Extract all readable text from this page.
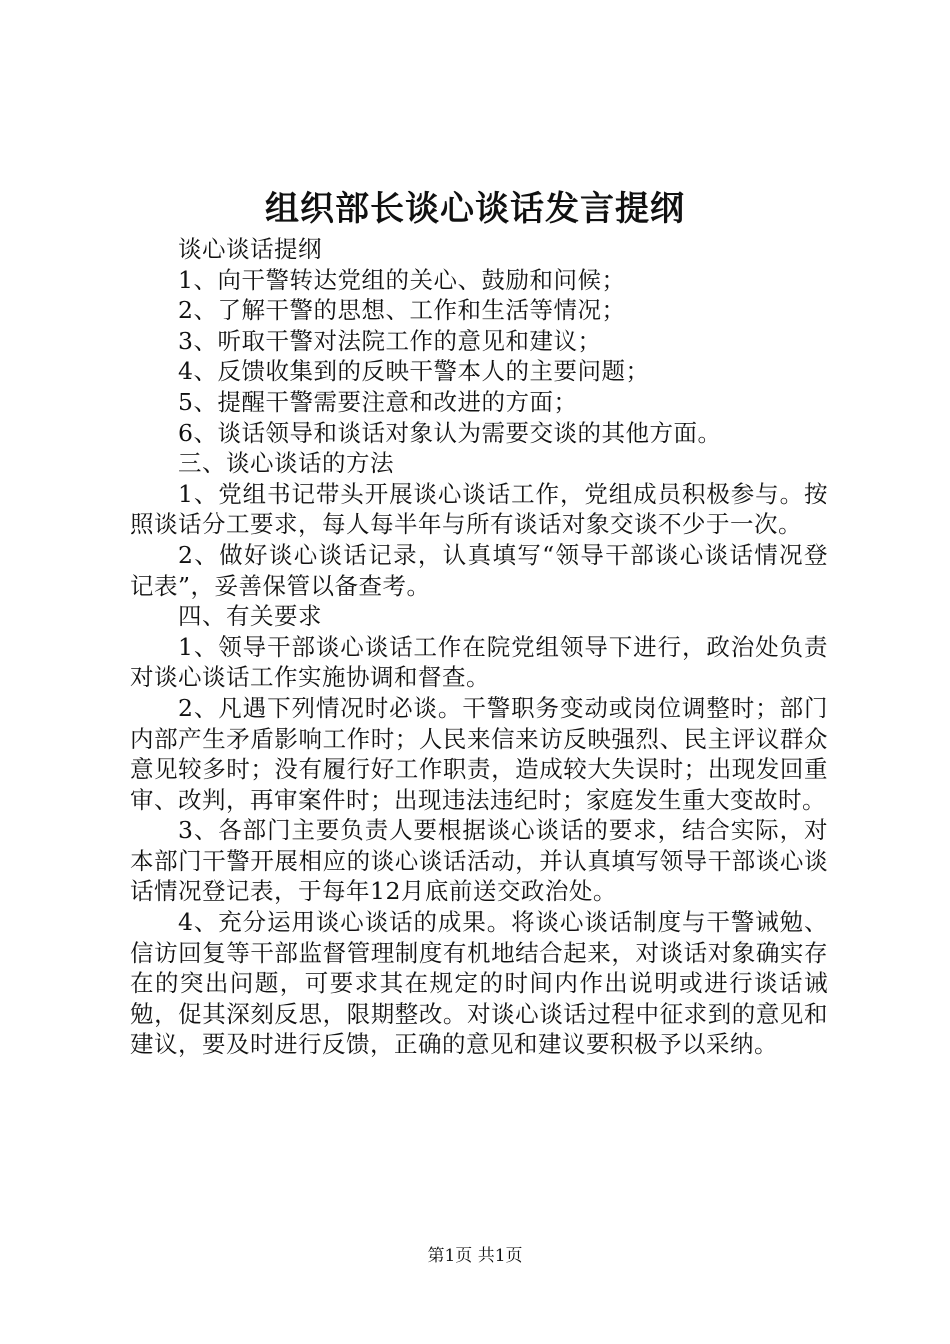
组织部长谈心谈话发言提纲

谈心谈话提纲

1、向干警转达党组的关心、鼓励和问候；

2、了解干警的思想、工作和生活等情况；

3、听取干警对法院工作的意见和建议；

4、反馈收集到的反映干警本人的主要问题；

5、提醒干警需要注意和改进的方面；

6、谈话领导和谈话对象认为需要交谈的其他方面。

三、谈心谈话的方法

1、党组书记带头开展谈心谈话工作，党组成员积极参与。按照谈话分工要求，每人每半年与所有谈话对象交谈不少于一次。

2、做好谈心谈话记录，认真填写“领导干部谈心谈话情况登记表”，妥善保管以备查考。

四、有关要求

1、领导干部谈心谈话工作在院党组领导下进行，政治处负责对谈心谈话工作实施协调和督查。

2、凡遇下列情况时必谈。干警职务变动或岗位调整时；部门内部产生矛盾影响工作时；人民来信来访反映强烈、民主评议群众意见较多时；没有履行好工作职责，造成较大失误时；出现发回重审、改判，再审案件时；出现违法违纪时；家庭发生重大变故时。

3、各部门主要负责人要根据谈心谈话的要求，结合实际，对本部门干警开展相应的谈心谈话活动，并认真填写领导干部谈心谈话情况登记表，于每年12月底前送交政治处。

4、充分运用谈心谈话的成果。将谈心谈话制度与干警诫勉、信访回复等干部监督管理制度有机地结合起来，对谈话对象确实存在的突出问题，可要求其在规定的时间内作出说明或进行谈话诫勉，促其深刻反思，限期整改。对谈心谈话过程中征求到的意见和建议，要及时进行反馈，正确的意见和建议要积极予以采纳。

第1页 共1页
